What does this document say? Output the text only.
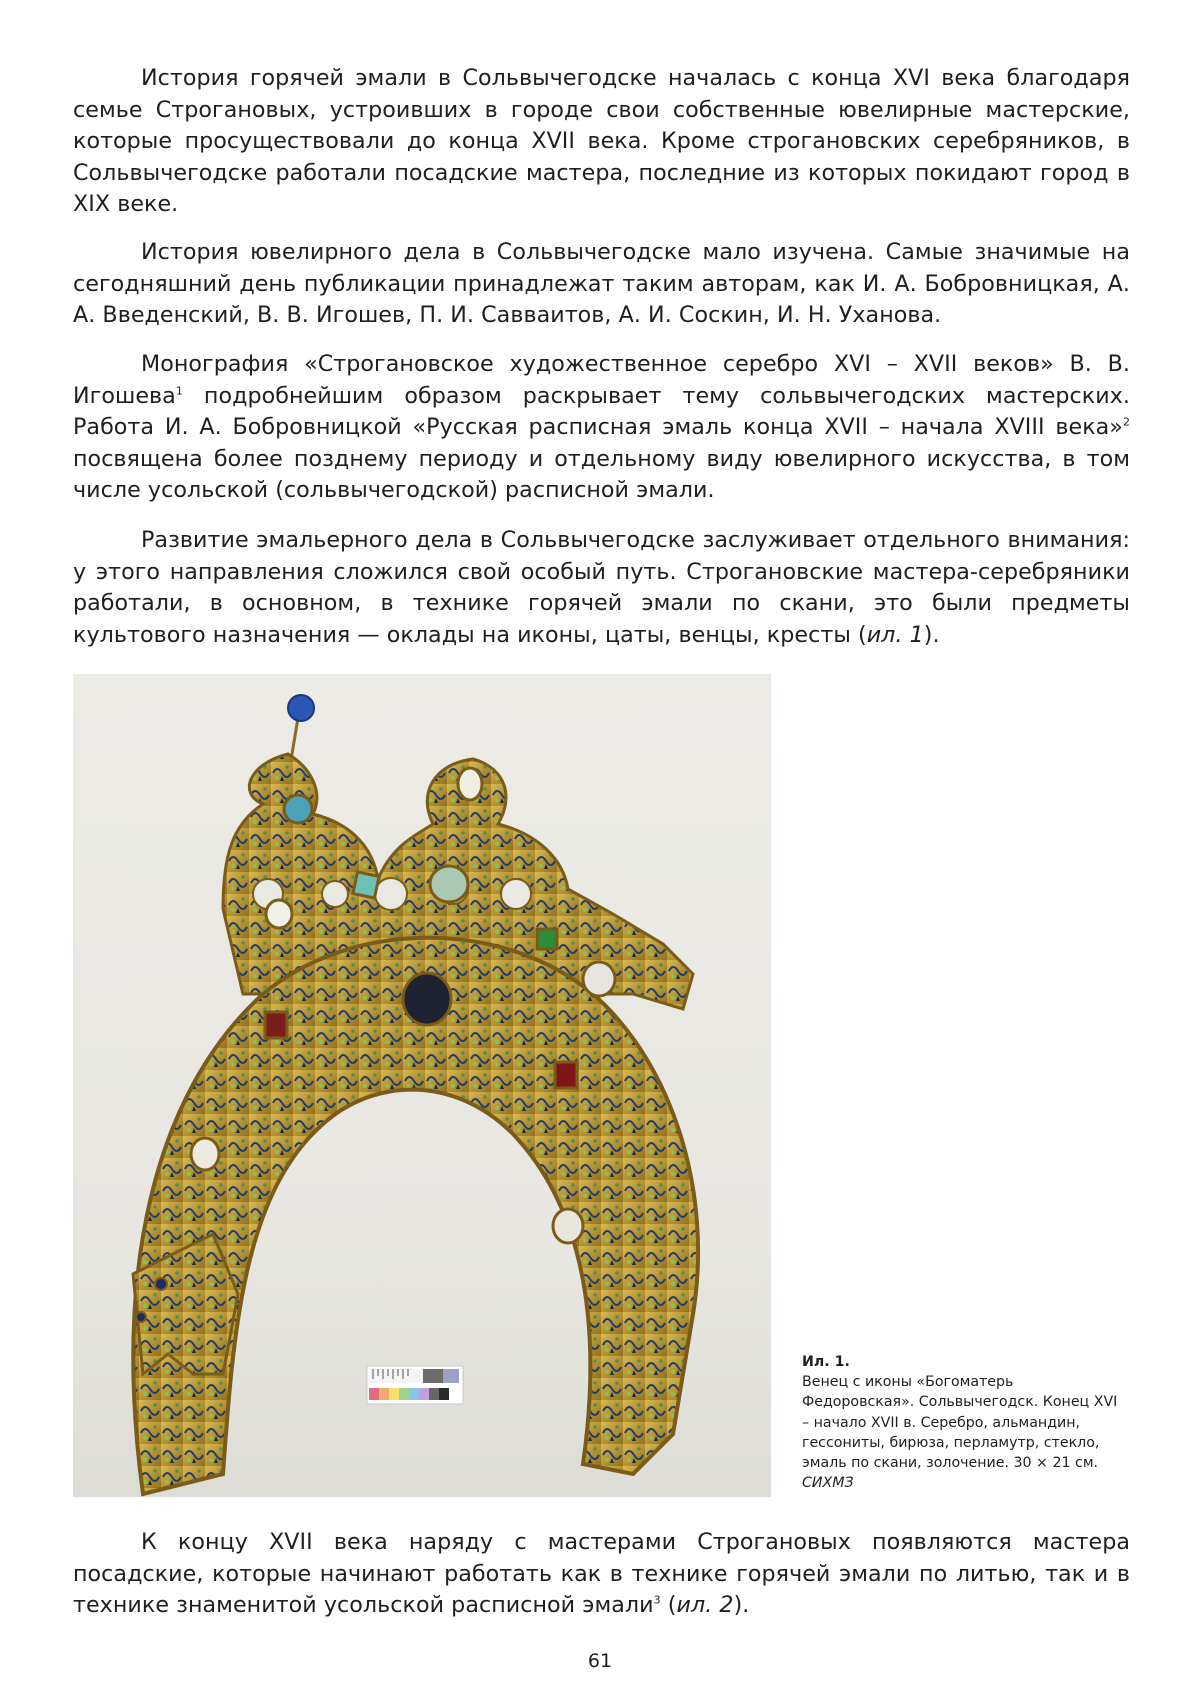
История горячей эмали в Сольвычегодске началась с конца XVI века благодаря семье Строгановых, устроивших в городе свои собственные ювелирные мастерские, которые просуществовали до конца XVII века. Кроме строгановских серебряников, в Сольвычегодске работали посадские мастера, последние из которых покидают город в XIX веке.

История ювелирного дела в Сольвычегодске мало изучена. Самые значимые на сегодняшний день публикации принадлежат таким авторам, как И. А. Бобровницкая, А. А. Введенский, В. В. Игошев, П. И. Савваитов, А. И. Соскин, И. Н. Уханова.

Монография «Строгановское художественное серебро XVI – XVII веков» В. В. Игошева$^1$ подробнейшим образом раскрывает тему сольвычегодских мастерских. Работа И. А. Бобровницкой «Русская расписная эмаль конца XVII – начала XVIII века»$^2$ посвящена более позднему периоду и отдельному виду ювелирного искусства, в том числе усольской (сольвычегодской) расписной эмали.

Развитие эмальерного дела в Сольвычегодске заслуживает отдельного внимания: у этого направления сложился свой особый путь. Строгановские мастера-серебряники работали, в основном, в технике горячей эмали по скани, это были предметы культового назначения — оклады на иконы, цаты, венцы, кресты (ил. 1).

Ил. 1.
Венец с иконы «Богоматерь Федоровская». Сольвычегодск. Конец XVI – начало XVII в. Серебро, альмандин, гессониты, бирюза, перламутр, стекло, эмаль по скани, золочение. 30 × 21 см. СИХМЗ

К концу XVII века наряду с мастерами Строгановых появляются мастера посадские, которые начинают работать как в технике горячей эмали по литью, так и в технике знаменитой усольской расписной эмали$^3$ (ил. 2).

61
